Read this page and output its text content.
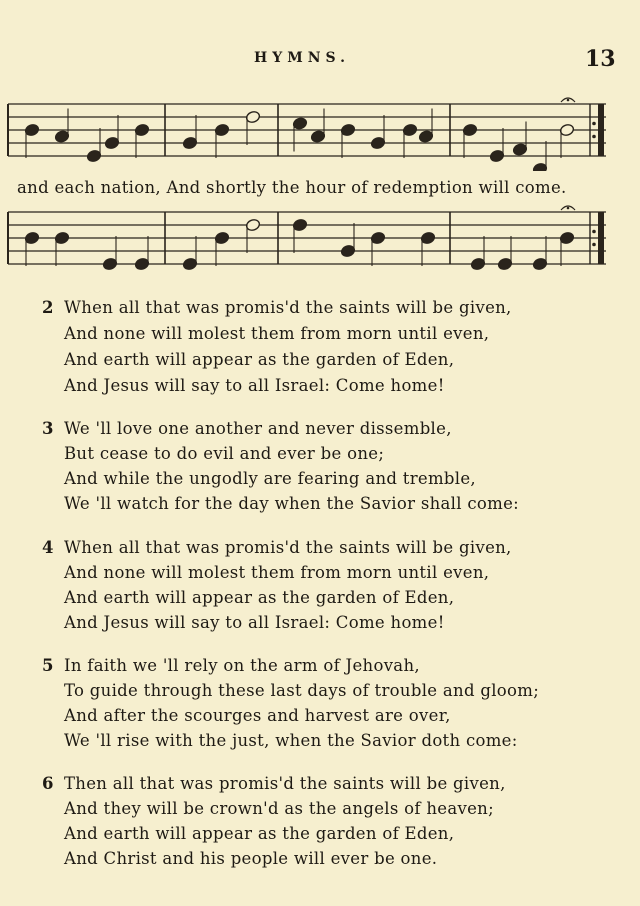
HYMNS.	13
and each nation, And shortly the hour of redemption will come.
2 When all that was promis'd the saints will be given,
And none will molest them from morn until even,
And earth will appear as the garden of Eden,
And Jesus will say to all Israel: Come home!
3 We 'll love one another and never dissemble,
But cease to do evil and ever be one;
And while the ungodly are fearing and tremble,
We 'll watch for the day when the Savior shall come:
4 When all that was promis'd the saints will be given,
And none will molest them from morn until even,
And earth will appear as the garden of Eden,
And Jesus will say to all Israel: Come home!
5 In faith we 'll rely on the arm of Jehovah,
To guide through these last days of trouble and gloom;
And after the scourges and harvest are over,
We 'll rise with the just, when the Savior doth come:
6 Then all that was promis'd the saints will be given,
And they will be crown'd as the angels of heaven;
And earth will appear as the garden of Eden,
And Christ and his people will ever be one.
